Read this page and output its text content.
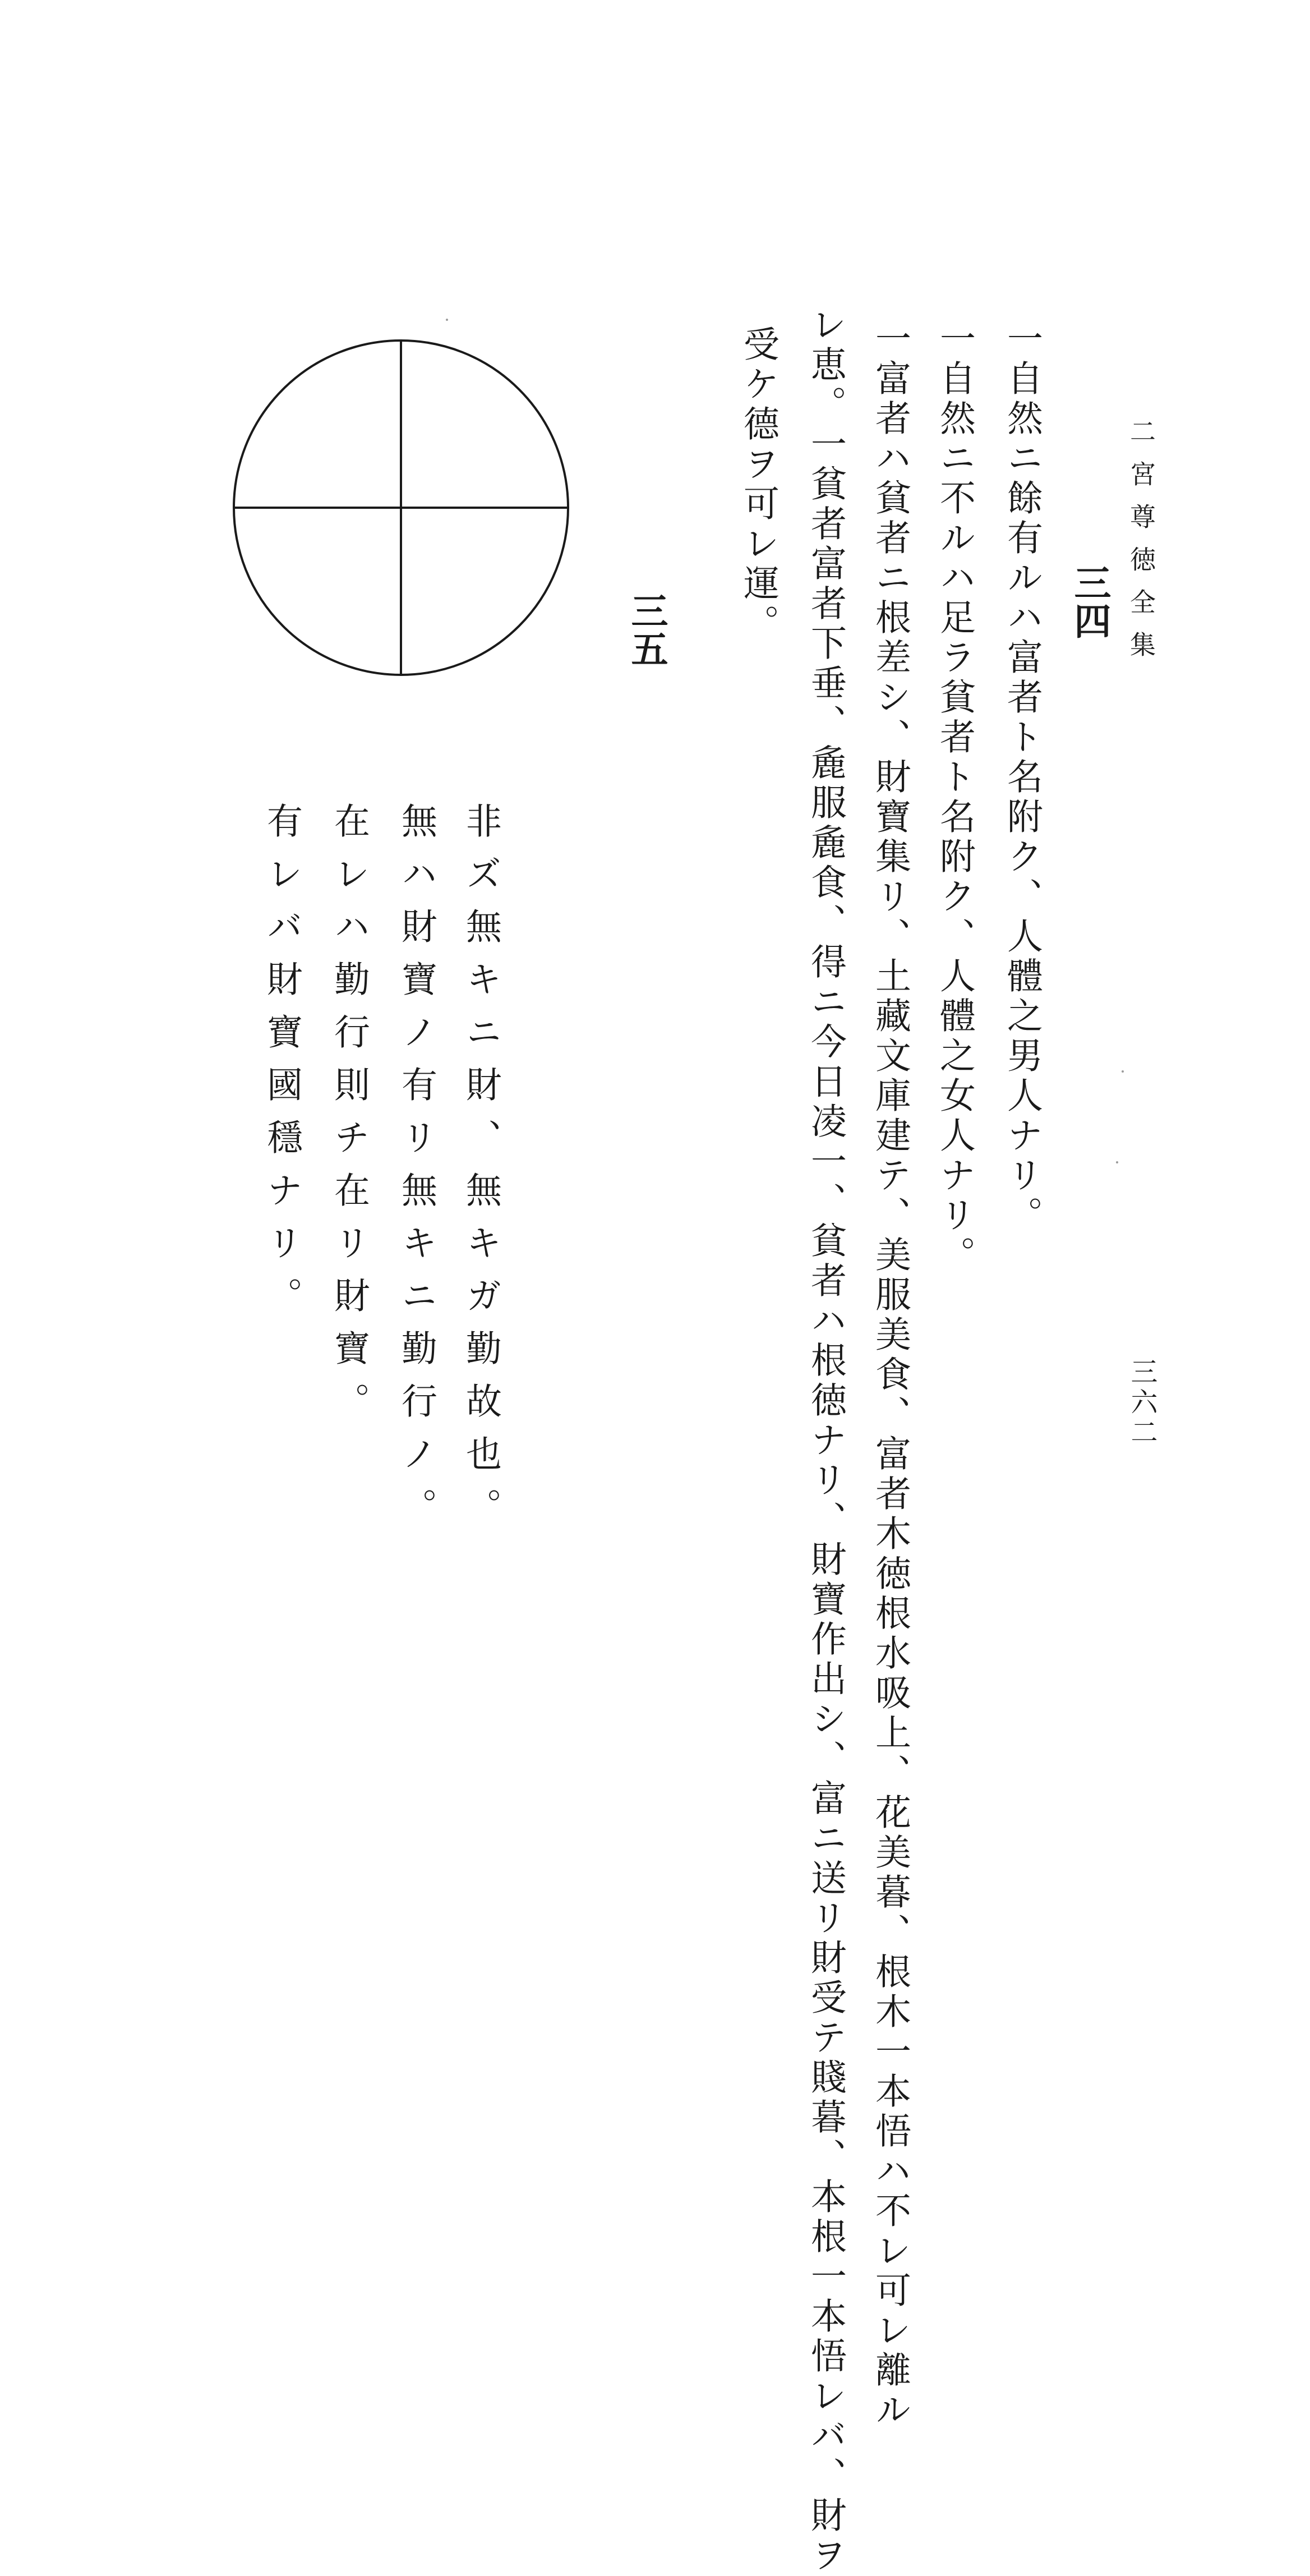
二宮尊徳全集
三六二
三四
一自然ニ餘有ルハ富者ト名附ク、人體之男人ナリ。
一自然ニ不ルハ足ラ貧者ト名附ク、人體之女人ナリ。
一富者ハ貧者ニ根差シ、財寶集リ、土藏文庫建テ、美服美食、富者木徳根水吸上、花美暮、根木一本悟ハ不レ可レ離ル
レ恵。一貧者富者下垂、麁服麁食、得ニ今日凌一、貧者ハ根徳ナリ、財寶作出シ、富ニ送リ財受テ賤暮、本根一本悟レバ、財ヲ
受ケ德ヲ可レ運。
三五
非ズ無キニ財、無キガ勤故也。
無ハ財寶ノ有リ無キニ勤行ノ。
在レハ勤行則チ在リ財寶。
有レバ財寶國穩ナリ。
